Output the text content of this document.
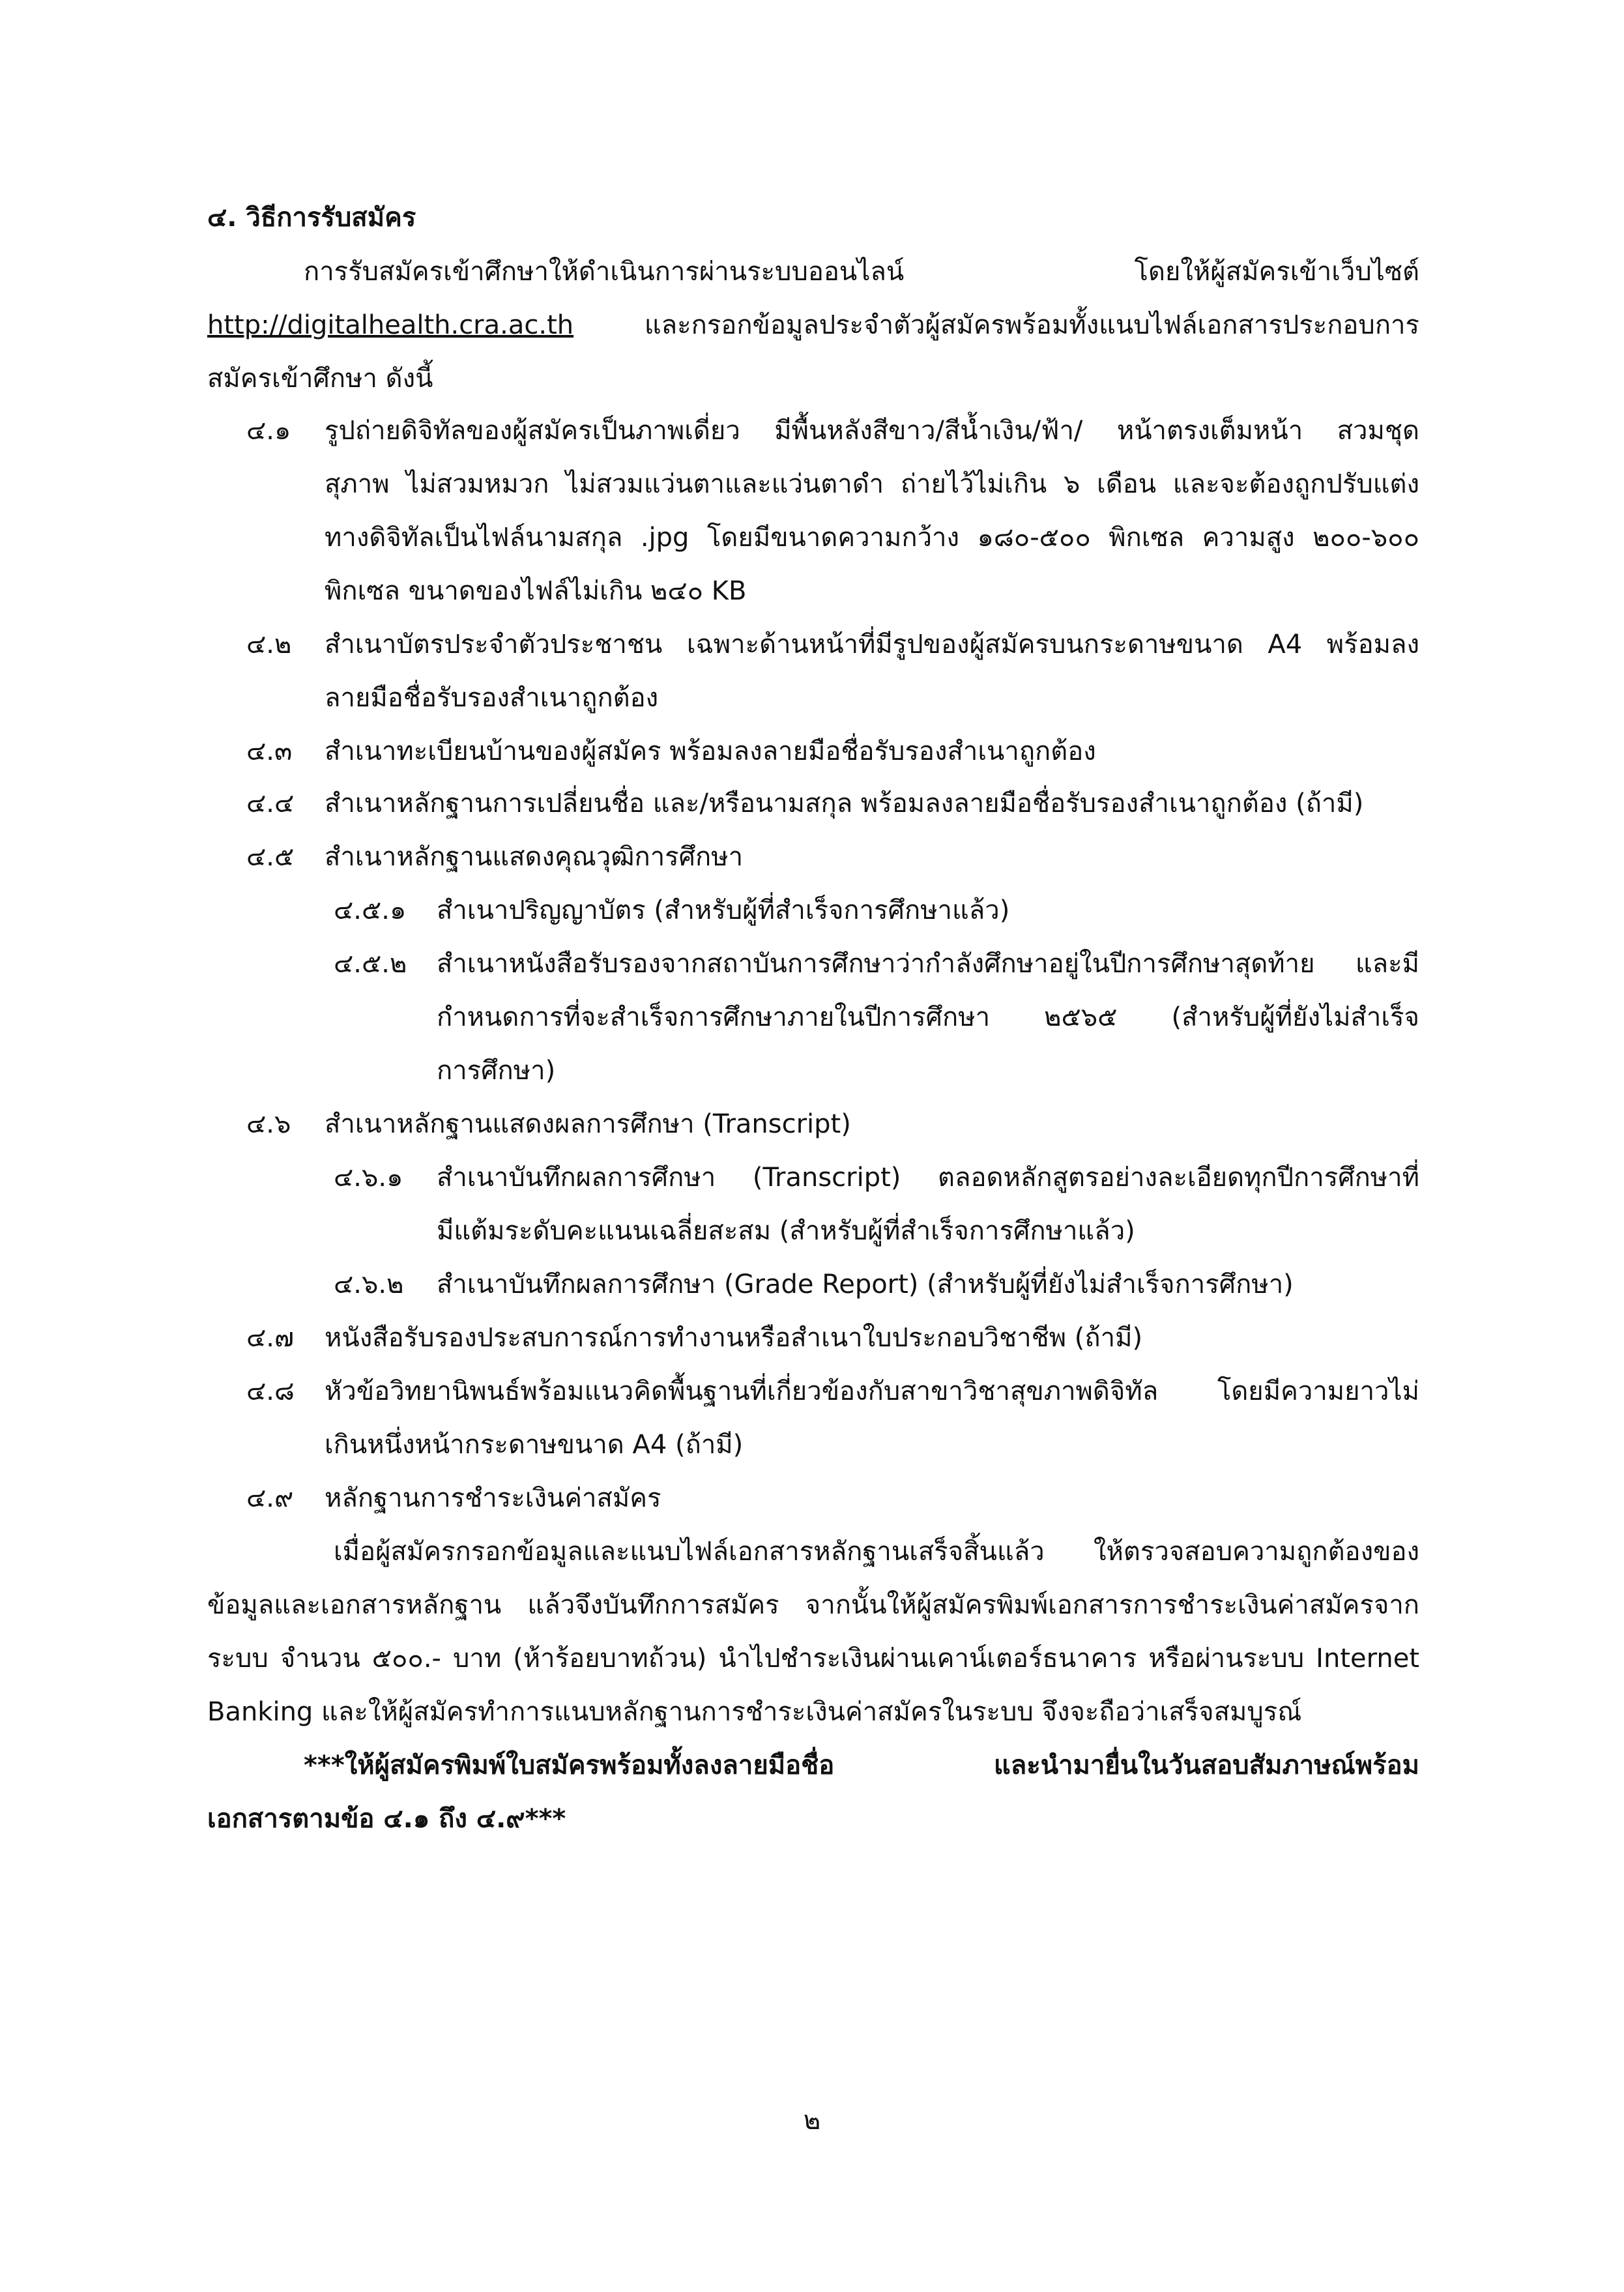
๔. วิธีการรับสมัคร
การรับสมัครเข้าศึกษาให้ดำเนินการผ่านระบบออนไลน์ โดยให้ผู้สมัครเข้าเว็บไซต์
http://digitalhealth.cra.ac.th	และกรอกข้อมูลประจำตัวผู้สมัครพร้อมทั้งแนบไฟล์เอกสารประกอบการ
สมัครเข้าศึกษา ดังนี้
๔.๑ รูปถ่ายดิจิทัลของผู้สมัครเป็นภาพเดี่ยว มีพื้นหลังสีขาว/สีน้ำเงิน/ฟ้า/ หน้าตรงเต็มหน้า สวมชุด
สุภาพ ไม่สวมหมวก ไม่สวมแว่นตาและแว่นตาดำ ถ่ายไว้ไม่เกิน ๖ เดือน และจะต้องถูกปรับแต่ง
ทางดิจิทัลเป็นไฟล์นามสกุล .jpg โดยมีขนาดความกว้าง ๑๘๐-๕๐๐ พิกเซล ความสูง ๒๐๐-๖๐๐
พิกเซล ขนาดของไฟล์ไม่เกิน ๒๔๐ KB
๔.๒ สำเนาบัตรประจำตัวประชาชน เฉพาะด้านหน้าที่มีรูปของผู้สมัครบนกระดาษขนาด A4 พร้อมลง
ลายมือชื่อรับรองสำเนาถูกต้อง
๔.๓ สำเนาทะเบียนบ้านของผู้สมัคร พร้อมลงลายมือชื่อรับรองสำเนาถูกต้อง
๔.๔ สำเนาหลักฐานการเปลี่ยนชื่อ และ/หรือนามสกุล พร้อมลงลายมือชื่อรับรองสำเนาถูกต้อง (ถ้ามี)
๔.๕ สำเนาหลักฐานแสดงคุณวุฒิการศึกษา
๔.๕.๑ สำเนาปริญญาบัตร (สำหรับผู้ที่สำเร็จการศึกษาแล้ว)
๔.๕.๒ สำเนาหนังสือรับรองจากสถาบันการศึกษาว่ากำลังศึกษาอยู่ในปีการศึกษาสุดท้าย และมี
กำหนดการที่จะสำเร็จการศึกษาภายในปีการศึกษา ๒๕๖๕ (สำหรับผู้ที่ยังไม่สำเร็จ
การศึกษา)
๔.๖ สำเนาหลักฐานแสดงผลการศึกษา (Transcript)
๔.๖.๑ สำเนาบันทึกผลการศึกษา (Transcript) ตลอดหลักสูตรอย่างละเอียดทุกปีการศึกษาที่
มีแต้มระดับคะแนนเฉลี่ยสะสม (สำหรับผู้ที่สำเร็จการศึกษาแล้ว)
๔.๖.๒ สำเนาบันทึกผลการศึกษา (Grade Report) (สำหรับผู้ที่ยังไม่สำเร็จการศึกษา)
๔.๗ หนังสือรับรองประสบการณ์การทำงานหรือสำเนาใบประกอบวิชาชีพ (ถ้ามี)
๔.๘ หัวข้อวิทยานิพนธ์พร้อมแนวคิดพื้นฐานที่เกี่ยวข้องกับสาขาวิชาสุขภาพดิจิทัล โดยมีความยาวไม่
เกินหนึ่งหน้ากระดาษขนาด A4 (ถ้ามี)
๔.๙ หลักฐานการชำระเงินค่าสมัคร
เมื่อผู้สมัครกรอกข้อมูลและแนบไฟล์เอกสารหลักฐานเสร็จสิ้นแล้ว ให้ตรวจสอบความถูกต้องของ
ข้อมูลและเอกสารหลักฐาน แล้วจึงบันทึกการสมัคร จากนั้นให้ผู้สมัครพิมพ์เอกสารการชำระเงินค่าสมัครจาก
ระบบ จำนวน ๕๐๐.- บาท (ห้าร้อยบาทถ้วน) นำไปชำระเงินผ่านเคาน์เตอร์ธนาคาร หรือผ่านระบบ Internet
Banking และให้ผู้สมัครทำการแนบหลักฐานการชำระเงินค่าสมัครในระบบ จึงจะถือว่าเสร็จสมบูรณ์
***ให้ผู้สมัครพิมพ์ใบสมัครพร้อมทั้งลงลายมือชื่อ และนำมายื่นในวันสอบสัมภาษณ์พร้อม
เอกสารตามข้อ ๔.๑ ถึง ๔.๙***
๒
